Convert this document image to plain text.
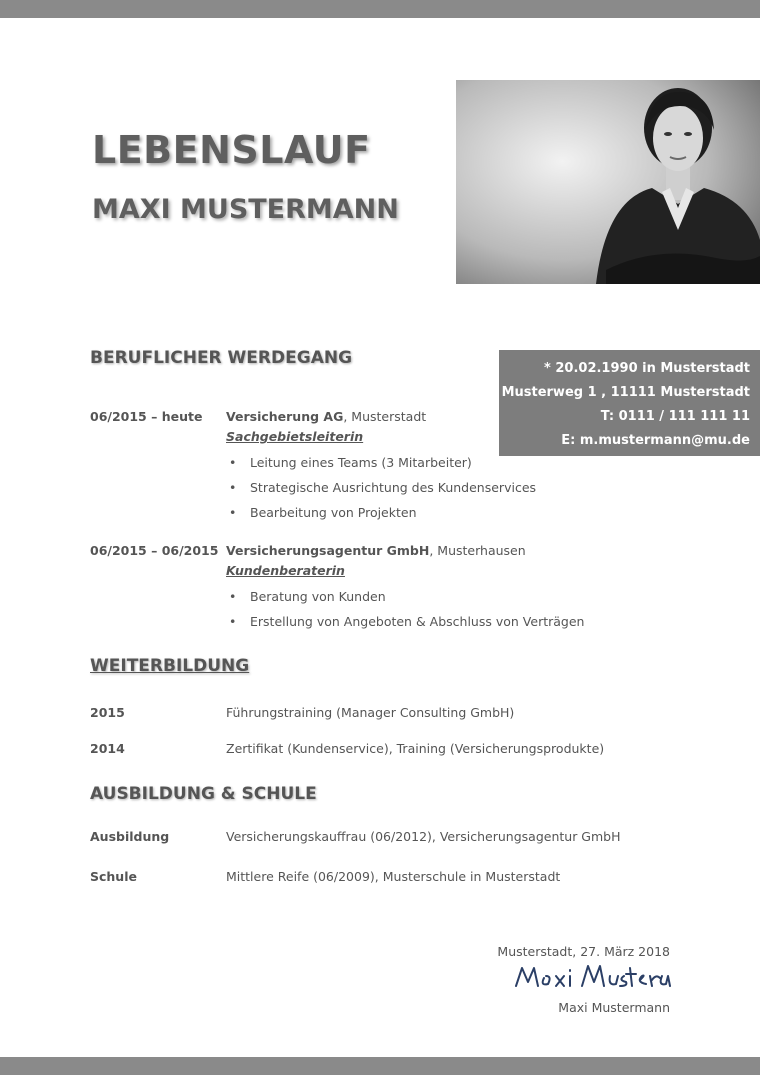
LEBENSLAUF
MAXI MUSTERMANN
* 20.02.1990 in Musterstadt
Musterweg 1 , 11111 Musterstadt
T: 0111 / 111 111 11
E: m.mustermann@mu.de
BERUFLICHER WERDEGANG
06/2015 – heute Versicherung AG, Musterstadt
Sachgebietsleiterin
• Leitung eines Teams (3 Mitarbeiter)
• Strategische Ausrichtung des Kundenservices
• Bearbeitung von Projekten
06/2015 – 06/2015 Versicherungsagentur GmbH, Musterhausen
Kundenberaterin
• Beratung von Kunden
• Erstellung von Angeboten & Abschluss von Verträgen
WEITERBILDUNG
2015	Führungstraining (Manager Consulting GmbH)
2014	Zertifikat (Kundenservice), Training (Versicherungsprodukte)
AUSBILDUNG & SCHULE
Ausbildung	Versicherungskauffrau (06/2012), Versicherungsagentur GmbH
Schule	Mittlere Reife (06/2009), Musterschule in Musterstadt
Musterstadt, 27. März 2018
Maxi Mustermann
